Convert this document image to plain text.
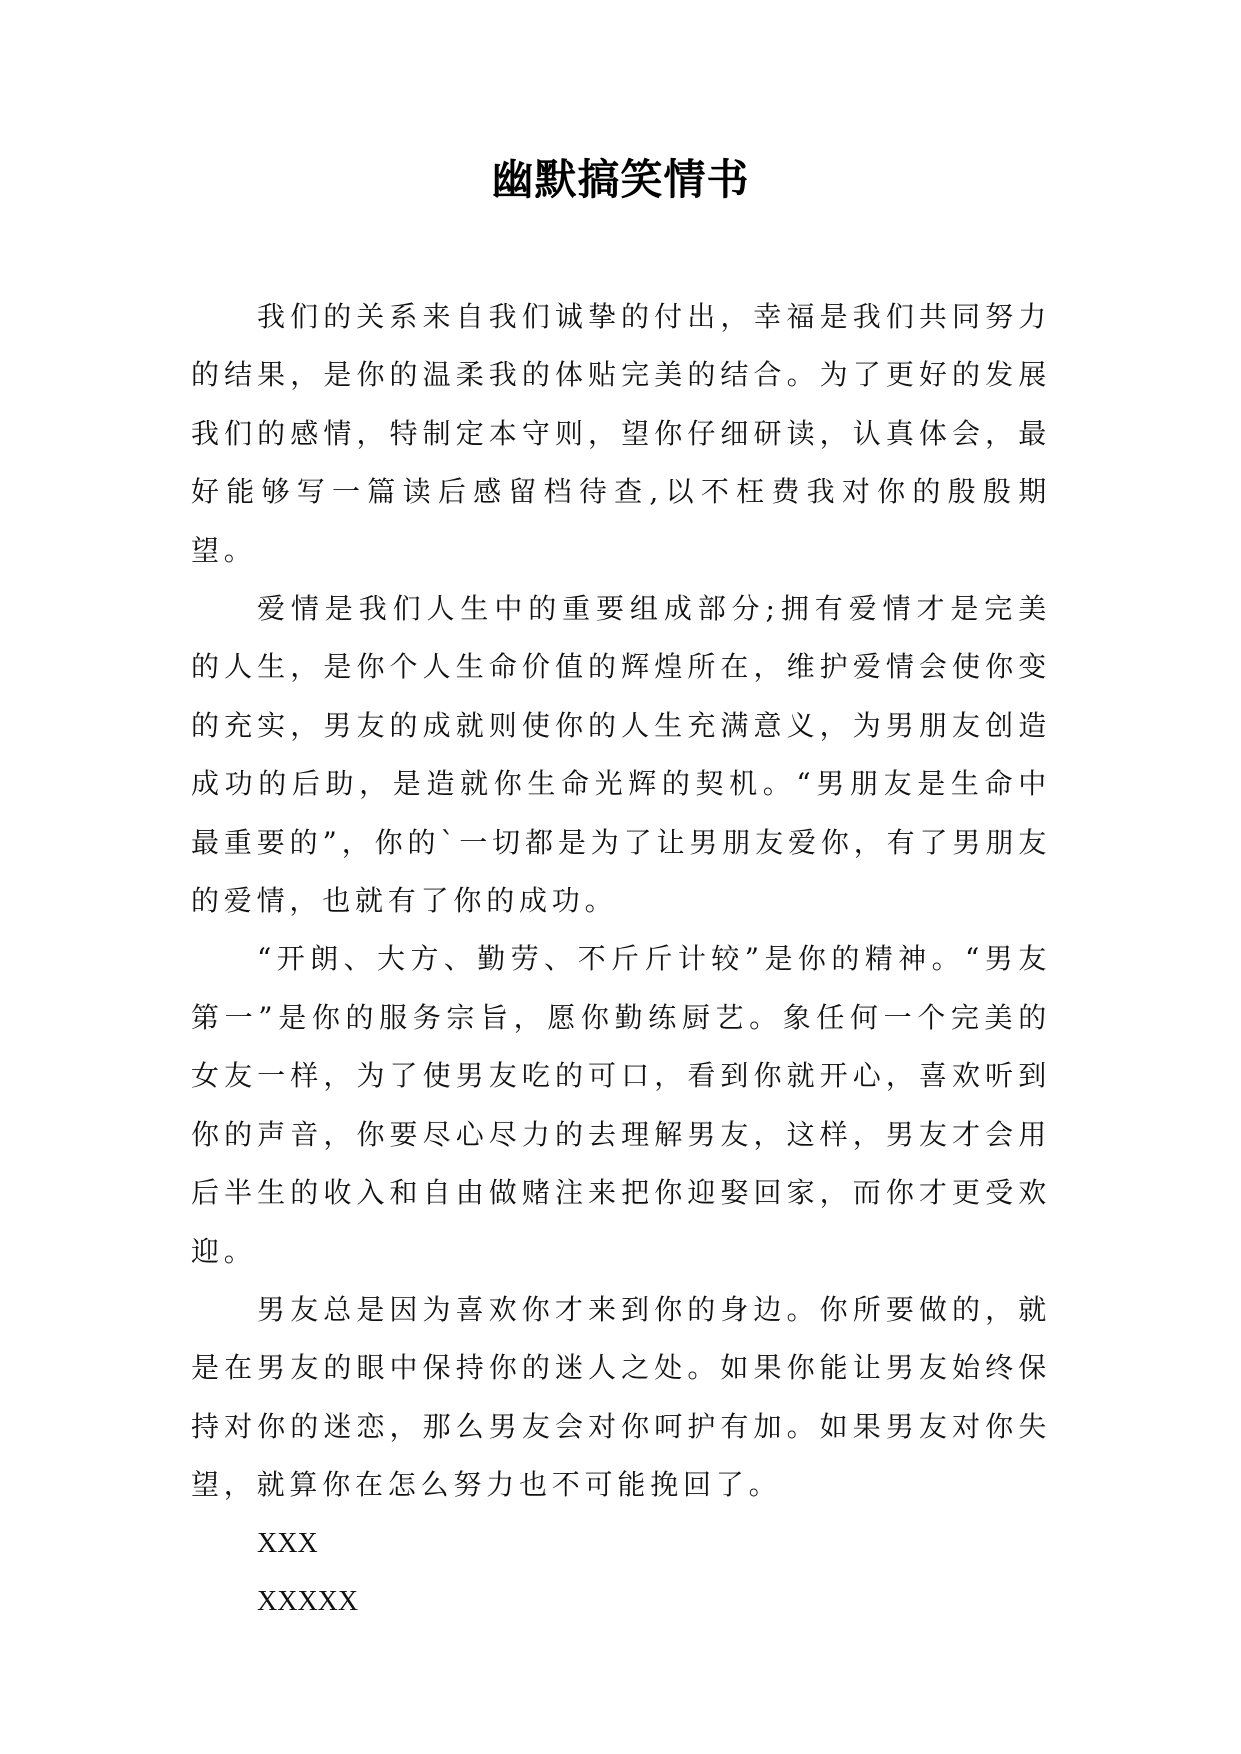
幽默搞笑情书

我们的关系来自我们诚挚的付出，幸福是我们共同努力的结果，是你的温柔我的体贴完美的结合。为了更好的发展我们的感情，特制定本守则，望你仔细研读，认真体会，最好能够写一篇读后感留档待查,以不枉费我对你的殷殷期望。

爱情是我们人生中的重要组成部分;拥有爱情才是完美的人生，是你个人生命价值的辉煌所在，维护爱情会使你变的充实，男友的成就则使你的人生充满意义，为男朋友创造成功的后助，是造就你生命光辉的契机。“男朋友是生命中最重要的”，你的`一切都是为了让男朋友爱你，有了男朋友的爱情，也就有了你的成功。

“开朗、大方、勤劳、不斤斤计较”是你的精神。“男友第一”是你的服务宗旨，愿你勤练厨艺。象任何一个完美的女友一样，为了使男友吃的可口，看到你就开心，喜欢听到你的声音，你要尽心尽力的去理解男友，这样，男友才会用后半生的收入和自由做赌注来把你迎娶回家，而你才更受欢迎。

男友总是因为喜欢你才来到你的身边。你所要做的，就是在男友的眼中保持你的迷人之处。如果你能让男友始终保持对你的迷恋，那么男友会对你呵护有加。如果男友对你失望，就算你在怎么努力也不可能挽回了。

XXX

XXXXX
